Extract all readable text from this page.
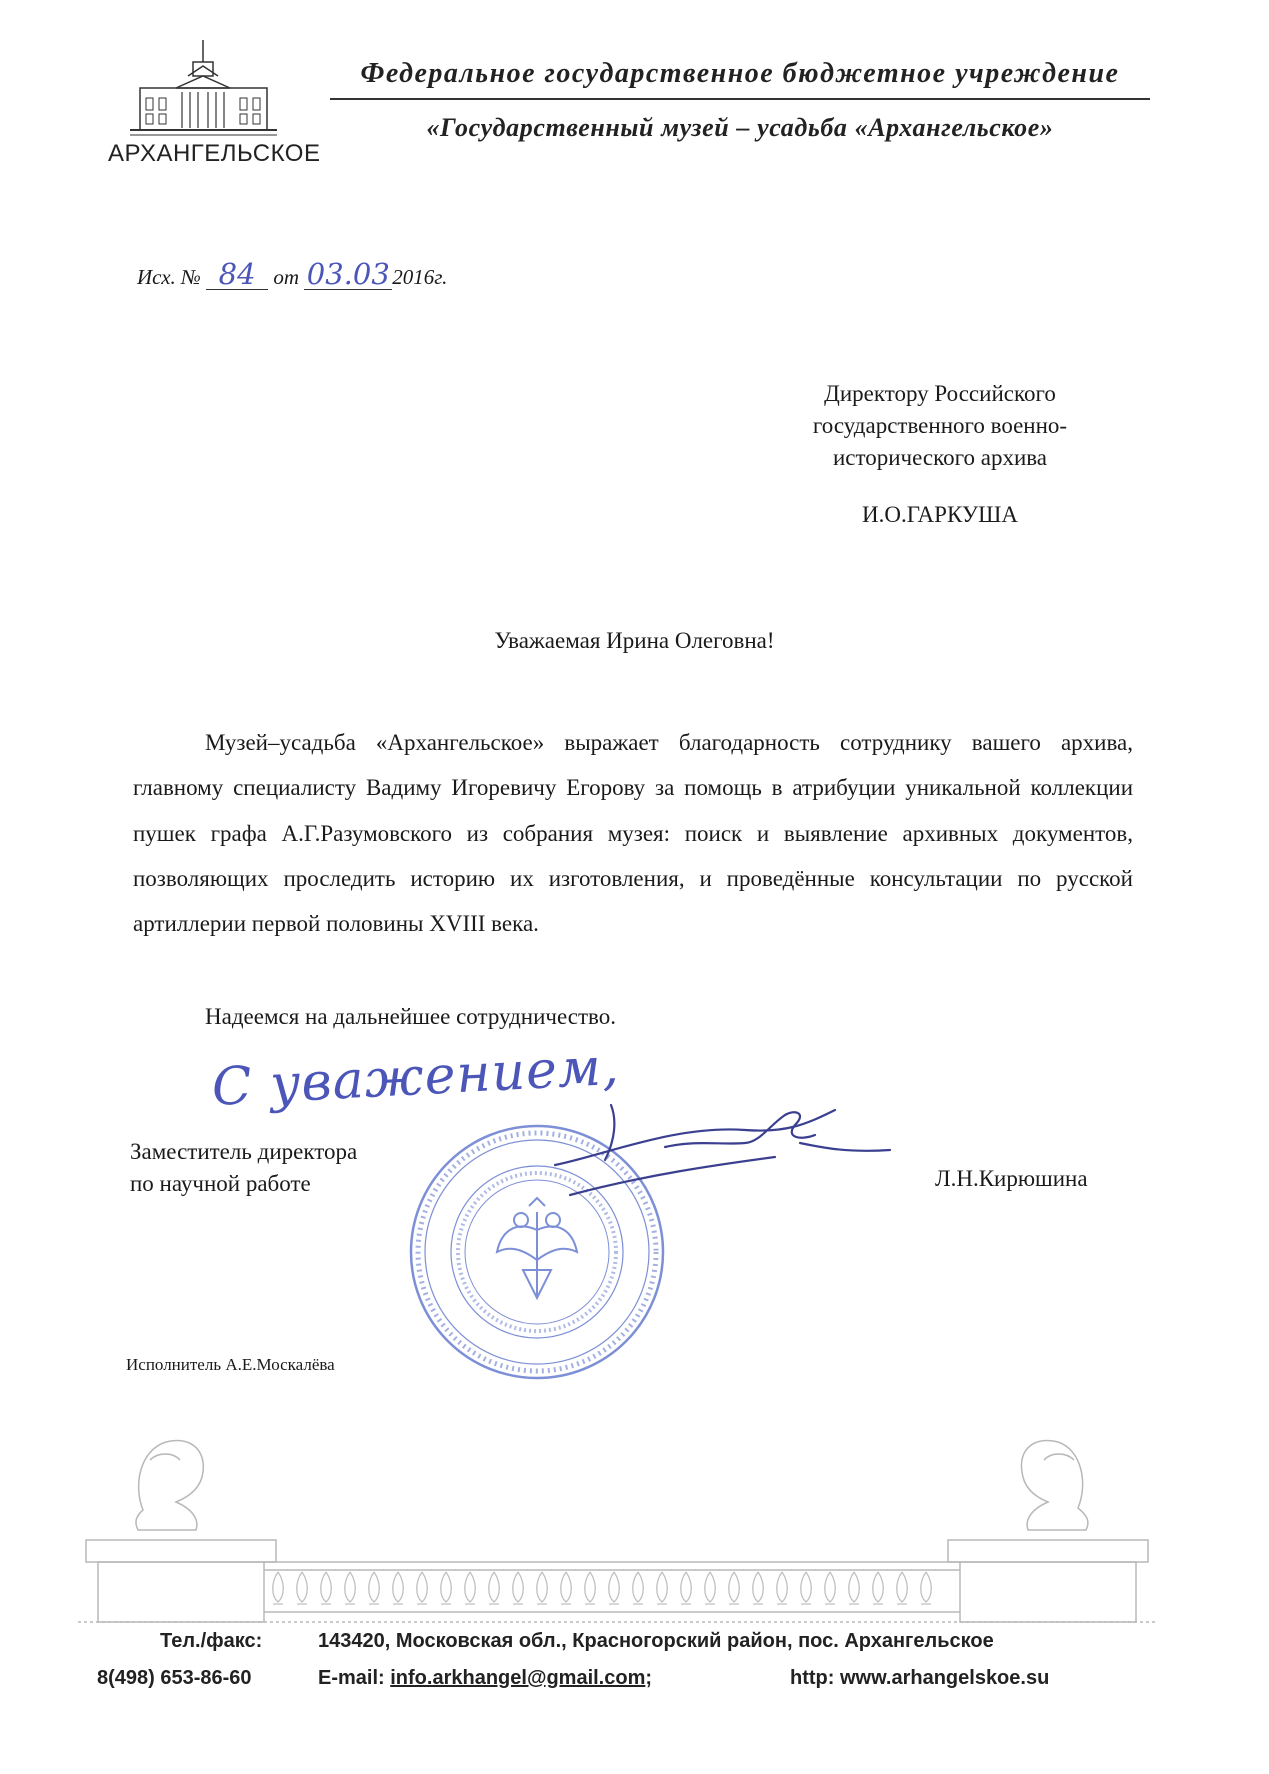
АРХАНГЕЛЬСКОЕ
Федеральное государственное бюджетное учреждение
«Государственный музей – усадьба «Архангельское»
Исх. № 84 от 03.03 2016г.
Директору Российского
государственного военно-
исторического архива
И.О.ГАРКУША
Уважаемая Ирина Олеговна!
Музей–усадьба «Архангельское» выражает благодарность сотруднику вашего архива, главному специалисту Вадиму Игоревичу Егорову за помощь в атрибуции уникальной коллекции пушек графа А.Г.Разумовского из собрания музея: поиск и выявление архивных документов, позволяющих проследить историю их изготовления, и проведённые консультации по русской артиллерии первой половины XVIII века.
Надеемся на дальнейшее сотрудничество.
С уважением,
Заместитель директора
по научной работе	Л.Н.Кирюшина
Исполнитель А.Е.Москалёва
Тел./факс:	143420, Московская обл., Красногорский район, пос. Архангельское
8(498) 653-86-60	E-mail: info.arkhangel@gmail.com;	http: www.arhangelskoe.su
